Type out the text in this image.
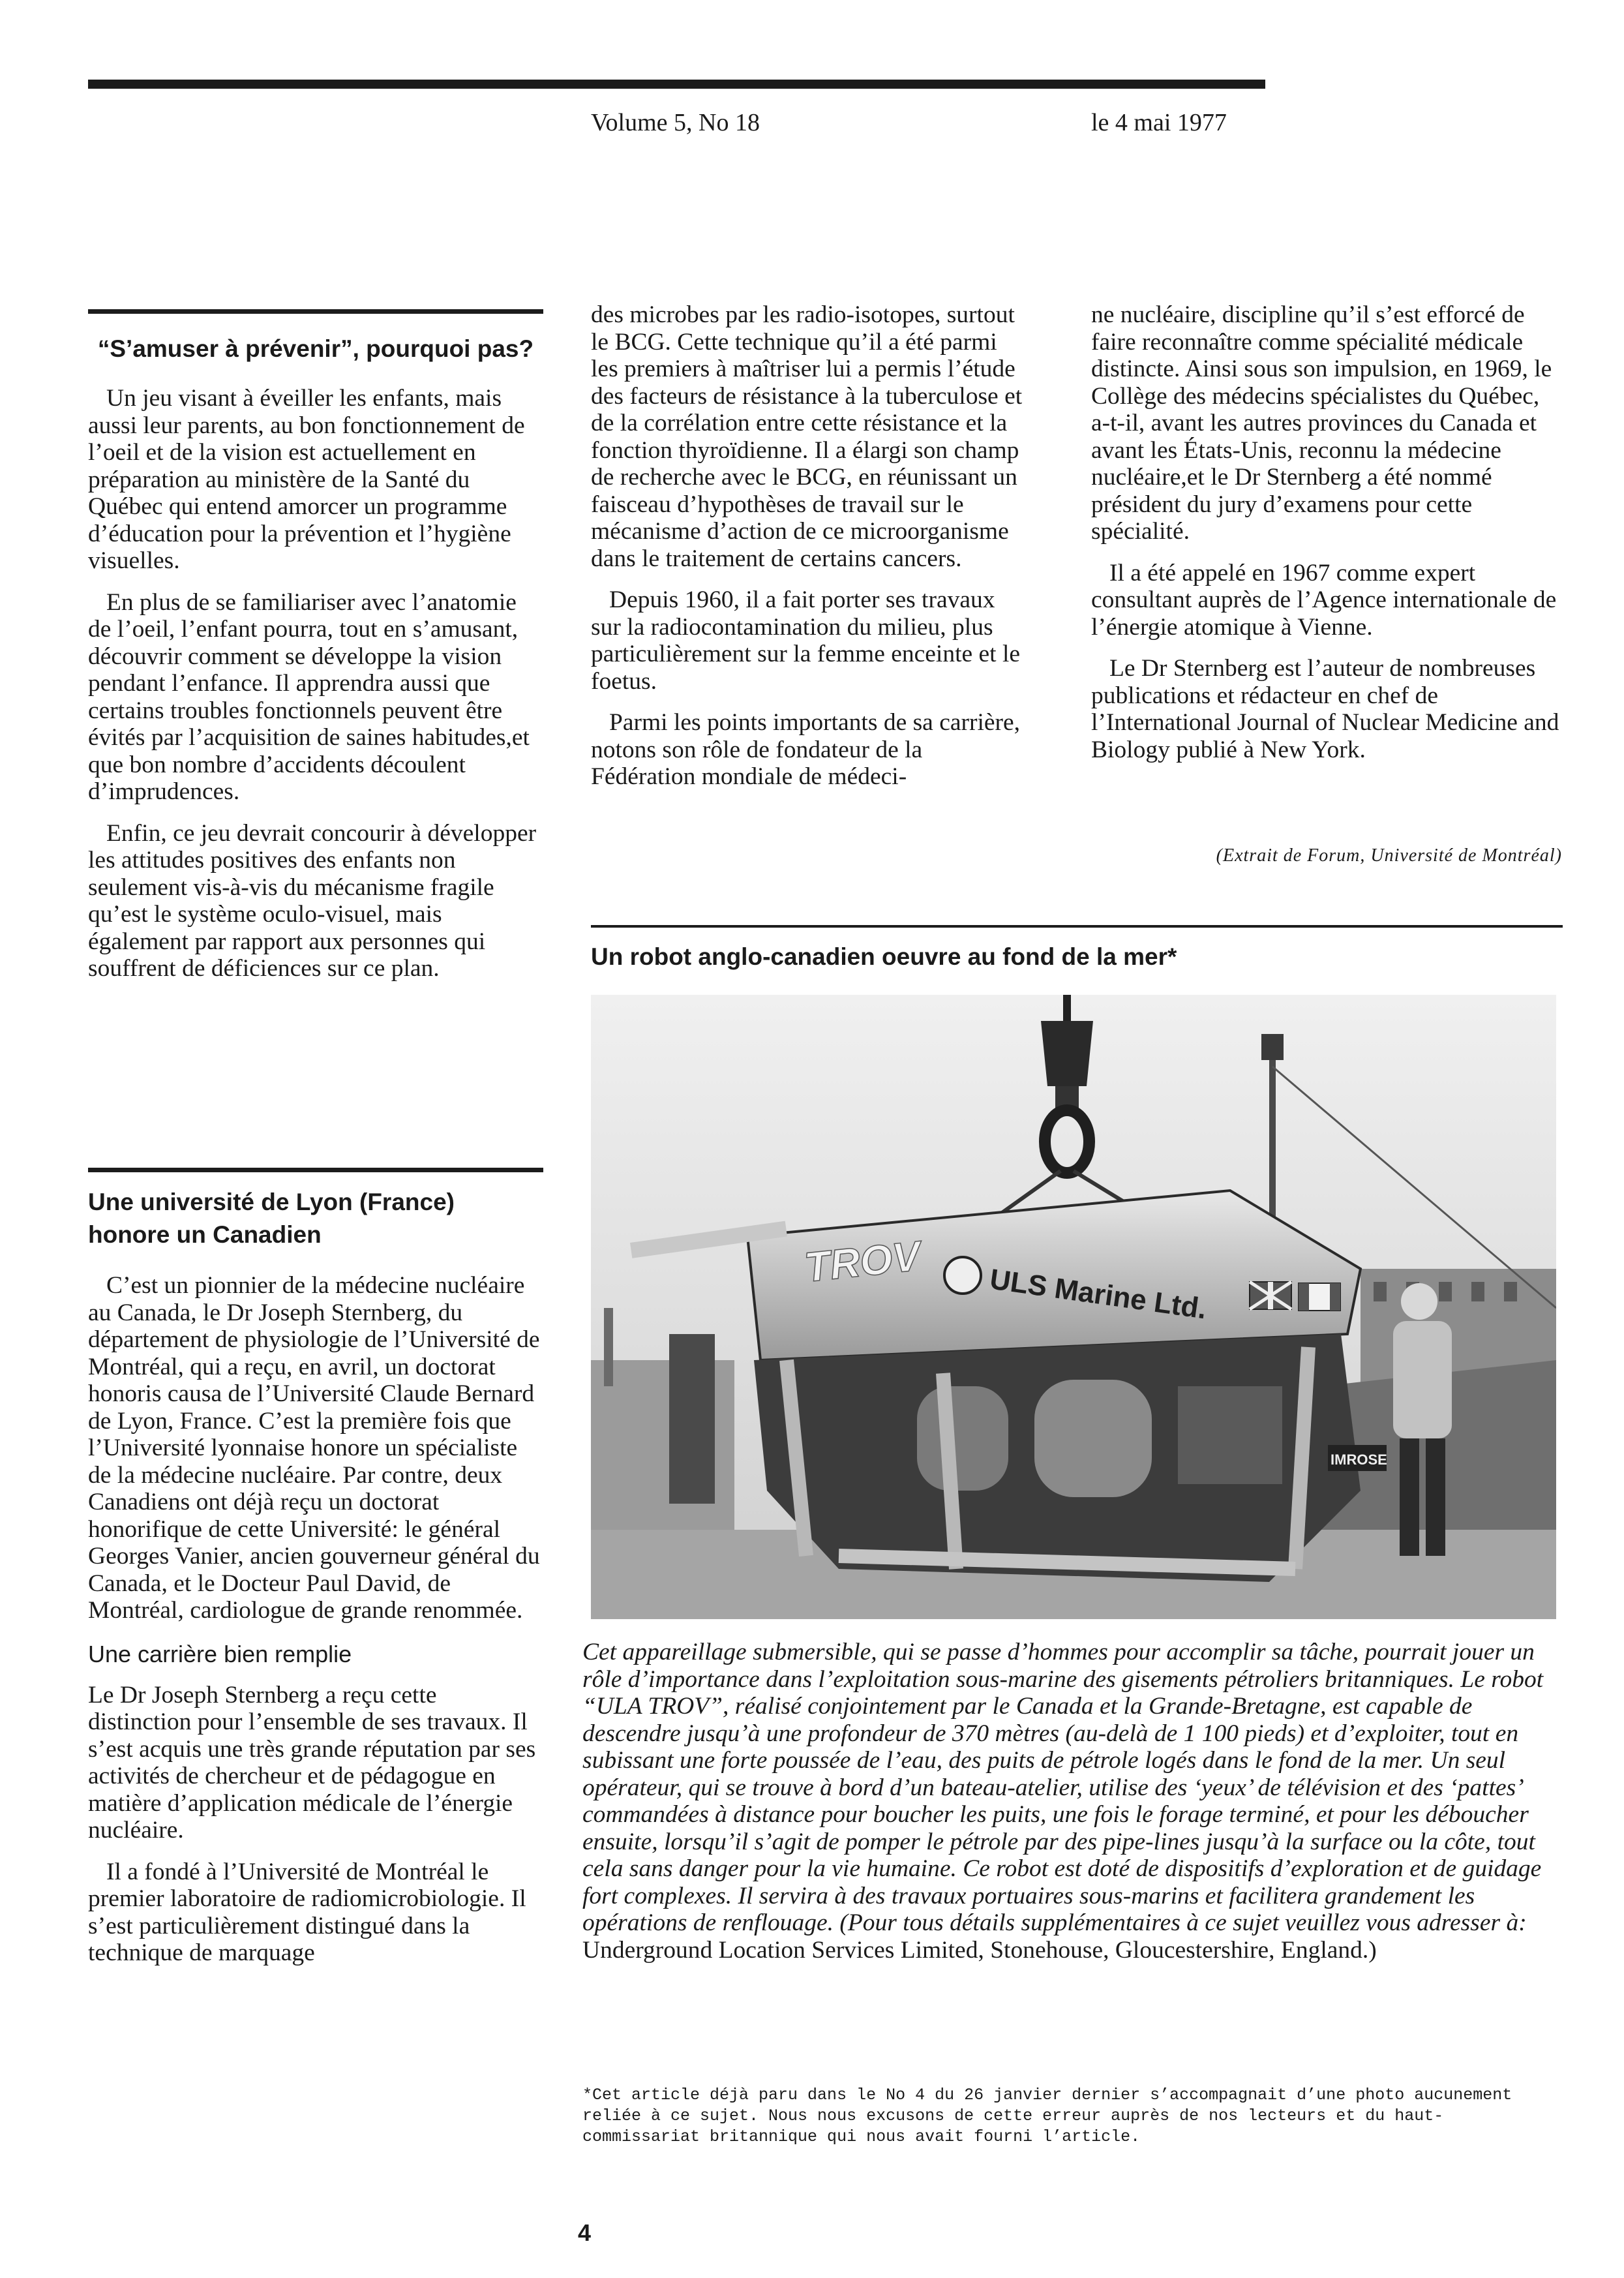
Volume 5, No 18	le 4 mai 1977
“S’amuser à prévenir”, pourquoi pas?

Un jeu visant à éveiller les enfants, mais aussi leur parents, au bon fonctionnement de l’oeil et de la vision est actuellement en préparation au ministère de la Santé du Québec qui entend amorcer un programme d’éducation pour la prévention et l’hygiène visuelles.

En plus de se familiariser avec l’anatomie de l’oeil, l’enfant pourra, tout en s’amusant, découvrir comment se développe la vision pendant l’enfance. Il apprendra aussi que certains troubles fonctionnels peuvent être évités par l’acquisition de saines habitudes,et que bon nombre d’accidents découlent d’imprudences.

Enfin, ce jeu devrait concourir à développer les attitudes positives des enfants non seulement vis-à-vis du mécanisme fragile qu’est le système oculo-visuel, mais également par rapport aux personnes qui souffrent de déficiences sur ce plan.

Une université de Lyon (France)
honore un Canadien

C’est un pionnier de la médecine nucléaire au Canada, le Dr Joseph Sternberg, du département de physiologie de l’Université de Montréal, qui a reçu, en avril, un doctorat honoris causa de l’Université Claude Bernard de Lyon, France. C’est la première fois que l’Université lyonnaise honore un spécialiste de la médecine nucléaire. Par contre, deux Canadiens ont déjà reçu un doctorat honorifique de cette Université: le général Georges Vanier, ancien gouverneur général du Canada, et le Docteur Paul David, de Montréal, cardiologue de grande renommée.

Une carrière bien remplie

Le Dr Joseph Sternberg a reçu cette distinction pour l’ensemble de ses travaux. Il s’est acquis une très grande réputation par ses activités de chercheur et de pédagogue en matière d’application médicale de l’énergie nucléaire.

Il a fondé à l’Université de Montréal le premier laboratoire de radiomicrobiologie. Il s’est particulièrement distingué dans la technique de marquage

des microbes par les radio-isotopes, surtout le BCG. Cette technique qu’il a été parmi les premiers à maîtriser lui a permis l’étude des facteurs de résistance à la tuberculose et de la corrélation entre cette résistance et la fonction thyroïdienne. Il a élargi son champ de recherche avec le BCG, en réunissant un faisceau d’hypothèses de travail sur le mécanisme d’action de ce microorganisme dans le traitement de certains cancers.

Depuis 1960, il a fait porter ses travaux sur la radiocontamination du milieu, plus particulièrement sur la femme enceinte et le foetus.

Parmi les points importants de sa carrière, notons son rôle de fondateur de la Fédération mondiale de médeci-

ne nucléaire, discipline qu’il s’est efforcé de faire reconnaître comme spécialité médicale distincte. Ainsi sous son impulsion, en 1969, le Collège des médecins spécialistes du Québec, a-t-il, avant les autres provinces du Canada et avant les États-Unis, reconnu la médecine nucléaire,et le Dr Sternberg a été nommé président du jury d’examens pour cette spécialité.

Il a été appelé en 1967 comme expert consultant auprès de l’Agence internationale de l’énergie atomique à Vienne.

Le Dr Sternberg est l’auteur de nombreuses publications et rédacteur en chef de l’International Journal of Nuclear Medicine and Biology publié à New York.

(Extrait de Forum, Université de Montréal)
Un robot anglo-canadien oeuvre au fond de la mer*
TROV
ULS Marine Ltd.
IMROSE
Cet appareillage submersible, qui se passe d’hommes pour accomplir sa tâche, pourrait jouer un rôle d’importance dans l’exploitation sous-marine des gisements pétroliers britanniques. Le robot “ULA TROV”, réalisé conjointement par le Canada et la Grande-Bretagne, est capable de descendre jusqu’à une profondeur de 370 mètres (au-delà de 1 100 pieds) et d’exploiter, tout en subissant une forte poussée de l’eau, des puits de pétrole logés dans le fond de la mer. Un seul opérateur, qui se trouve à bord d’un bateau-atelier, utilise des ‘yeux’ de télévision et des ‘pattes’ commandées à distance pour boucher les puits, une fois le forage terminé, et pour les déboucher ensuite, lorsqu’il s’agit de pomper le pétrole par des pipe-lines jusqu’à la surface ou la côte, tout cela sans danger pour la vie humaine. Ce robot est doté de dispositifs d’exploration et de guidage fort complexes. Il servira à des travaux portuaires sous-marins et facilitera grandement les opérations de renflouage. (Pour tous détails supplémentaires à ce sujet veuillez vous adresser à: Underground Location Services Limited, Stonehouse, Gloucestershire, England.)
*Cet article déjà paru dans le No 4 du 26 janvier dernier s’accompagnait d’une photo aucunement reliée à ce sujet. Nous nous excusons de cette erreur auprès de nos lecteurs et du haut-commissariat britannique qui nous avait fourni l’article.
4
